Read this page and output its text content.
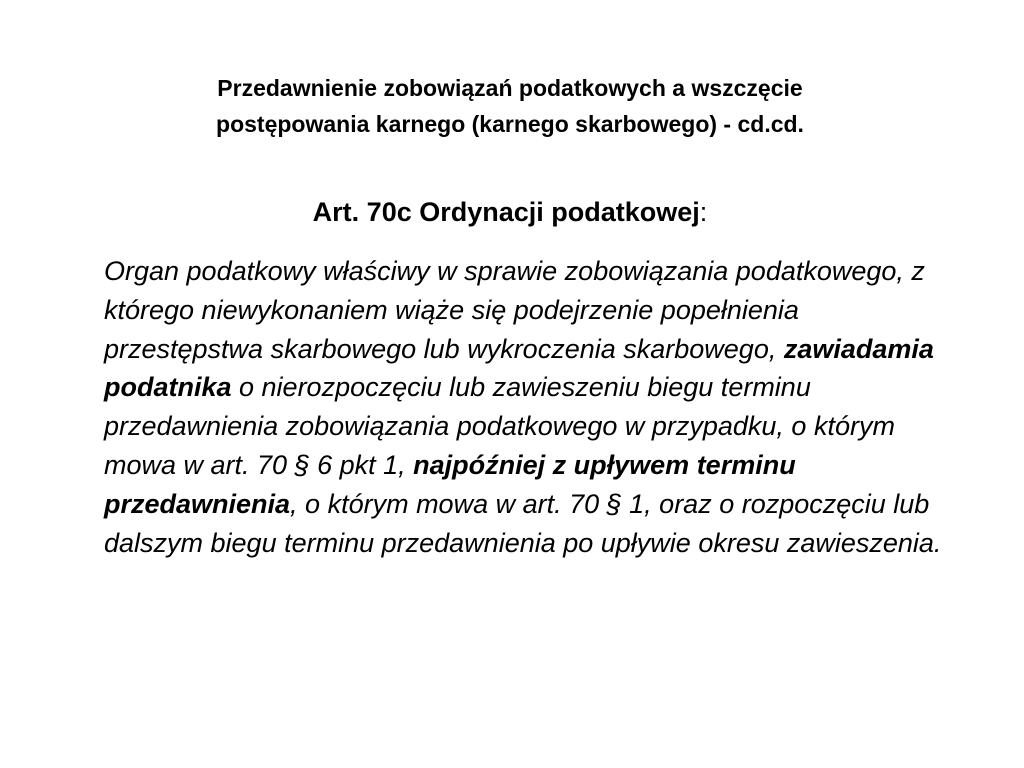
Przedawnienie zobowiązań podatkowych a wszczęcie
postępowania karnego (karnego skarbowego) - cd.cd.

Art. 70c Ordynacji podatkowej:

Organ podatkowy właściwy w sprawie zobowiązania podatkowego, z którego niewykonaniem wiąże się podejrzenie popełnienia przestępstwa skarbowego lub wykroczenia skarbowego, zawiadamia podatnika o nierozpoczęciu lub zawieszeniu biegu terminu przedawnienia zobowiązania podatkowego w przypadku, o którym mowa w art. 70 § 6 pkt 1, najpóźniej z upływem terminu przedawnienia, o którym mowa w art. 70 § 1, oraz o rozpoczęciu lub dalszym biegu terminu przedawnienia po upływie okresu zawieszenia.
